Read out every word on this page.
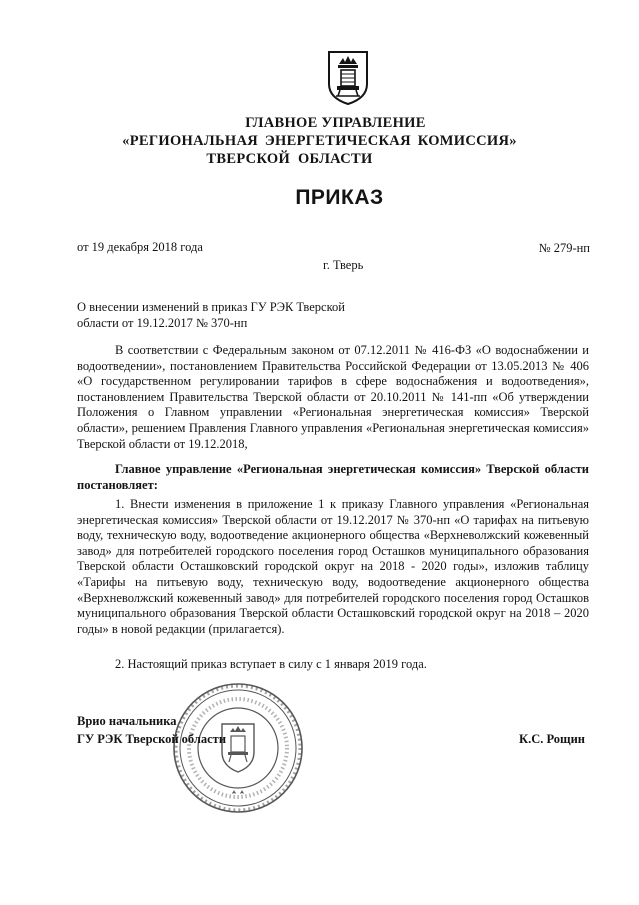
ГЛАВНОЕ УПРАВЛЕНИЕ

«РЕГИОНАЛЬНАЯ ЭНЕРГЕТИЧЕСКАЯ КОМИССИЯ»

ТВЕРСКОЙ ОБЛАСТИ

ПРИКАЗ
от 19 декабря 2018 года	№ 279-нп
г. Тверь

О внесении изменений в приказ ГУ РЭК Тверской области от 19.12.2017 № 370-нп

В соответствии с Федеральным законом от 07.12.2011 № 416-ФЗ «О водоснабжении и водоотведении», постановлением Правительства Российской Федерации от 13.05.2013 № 406 «О государственном регулировании тарифов в сфере водоснабжения и водоотведения», постановлением Правительства Тверской области от 20.10.2011 № 141-пп «Об утверждении Положения о Главном управлении «Региональная энергетическая комиссия» Тверской области», решением Правления Главного управления «Региональная энергетическая комиссия» Тверской области от 19.12.2018,

Главное управление «Региональная энергетическая комиссия» Тверской области постановляет:

1. Внести изменения в приложение 1 к приказу Главного управления «Региональная энергетическая комиссия» Тверской области от 19.12.2017 № 370-нп «О тарифах на питьевую воду, техническую воду, водоотведение акционерного общества «Верхневолжский кожевенный завод» для потребителей городского поселения город Осташков муниципального образования Тверской области Осташковский городской округ на 2018 - 2020 годы», изложив таблицу «Тарифы на питьевую воду, техническую воду, водоотведение акционерного общества «Верхневолжский кожевенный завод» для потребителей городского поселения город Осташков муниципального образования Тверской области Осташковский городской округ на 2018 – 2020 годы» в новой редакции (прилагается).

2. Настоящий приказ вступает в силу с 1 января 2019 года.

Врио начальника
ГУ РЭК Тверской области	К.С. Рощин
